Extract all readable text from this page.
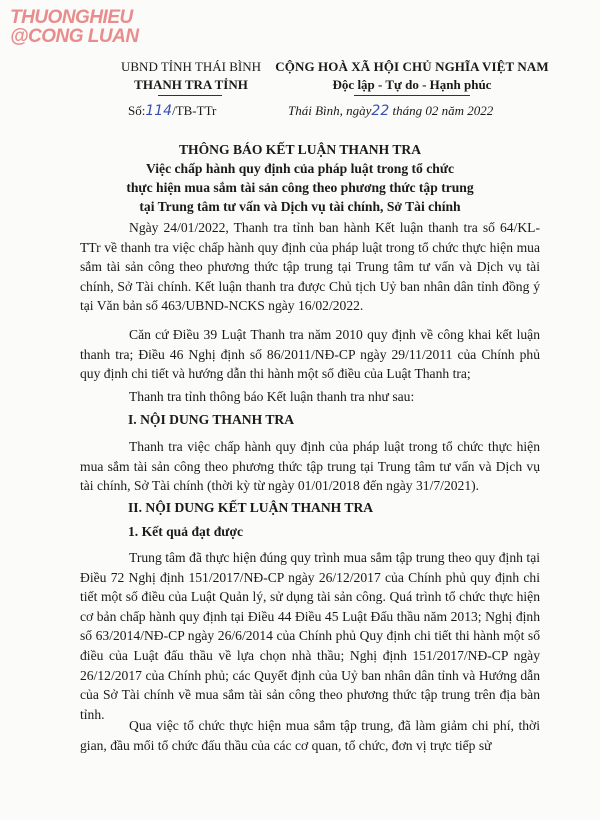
THUONGHIEU
@CONG LUAN
UBND TỈNH THÁI BÌNH
THANH TRA TỈNH
CỘNG HOÀ XÃ HỘI CHỦ NGHĨA VIỆT NAM
Độc lập - Tự do - Hạnh phúc
Số:114/TB-TTr	Thái Bình, ngày22 tháng 02 năm 2022
THÔNG BÁO KẾT LUẬN THANH TRA
Việc chấp hành quy định của pháp luật trong tổ chức
thực hiện mua sắm tài sản công theo phương thức tập trung
tại Trung tâm tư vấn và Dịch vụ tài chính, Sở Tài chính
Ngày 24/01/2022, Thanh tra tỉnh ban hành Kết luận thanh tra số 64/KL-TTr về thanh tra việc chấp hành quy định của pháp luật trong tổ chức thực hiện mua sắm tài sản công theo phương thức tập trung tại Trung tâm tư vấn và Dịch vụ tài chính, Sở Tài chính. Kết luận thanh tra được Chủ tịch Uỷ ban nhân dân tỉnh đồng ý tại Văn bản số 463/UBND-NCKS ngày 16/02/2022.
Căn cứ Điều 39 Luật Thanh tra năm 2010 quy định về công khai kết luận thanh tra; Điều 46 Nghị định số 86/2011/NĐ-CP ngày 29/11/2011 của Chính phủ quy định chi tiết và hướng dẫn thi hành một số điều của Luật Thanh tra;
Thanh tra tỉnh thông báo Kết luận thanh tra như sau:
I. NỘI DUNG THANH TRA
Thanh tra việc chấp hành quy định của pháp luật trong tổ chức thực hiện mua sắm tài sản công theo phương thức tập trung tại Trung tâm tư vấn và Dịch vụ tài chính, Sở Tài chính (thời kỳ từ ngày 01/01/2018 đến ngày 31/7/2021).
II. NỘI DUNG KẾT LUẬN THANH TRA
1. Kết quả đạt được
Trung tâm đã thực hiện đúng quy trình mua sắm tập trung theo quy định tại Điều 72 Nghị định 151/2017/NĐ-CP ngày 26/12/2017 của Chính phủ quy định chi tiết một số điều của Luật Quản lý, sử dụng tài sản công. Quá trình tổ chức thực hiện cơ bản chấp hành quy định tại Điều 44 Điều 45 Luật Đấu thầu năm 2013; Nghị định số 63/2014/NĐ-CP ngày 26/6/2014 của Chính phủ Quy định chi tiết thi hành một số điều của Luật đấu thầu về lựa chọn nhà thầu; Nghị định 151/2017/NĐ-CP ngày 26/12/2017 của Chính phủ; các Quyết định của Uỷ ban nhân dân tỉnh và Hướng dẫn của Sở Tài chính về mua sắm tài sản công theo phương thức tập trung trên địa bàn tỉnh.
Qua việc tổ chức thực hiện mua sắm tập trung, đã làm giảm chi phí, thời gian, đầu mối tổ chức đấu thầu của các cơ quan, tổ chức, đơn vị trực tiếp sử
